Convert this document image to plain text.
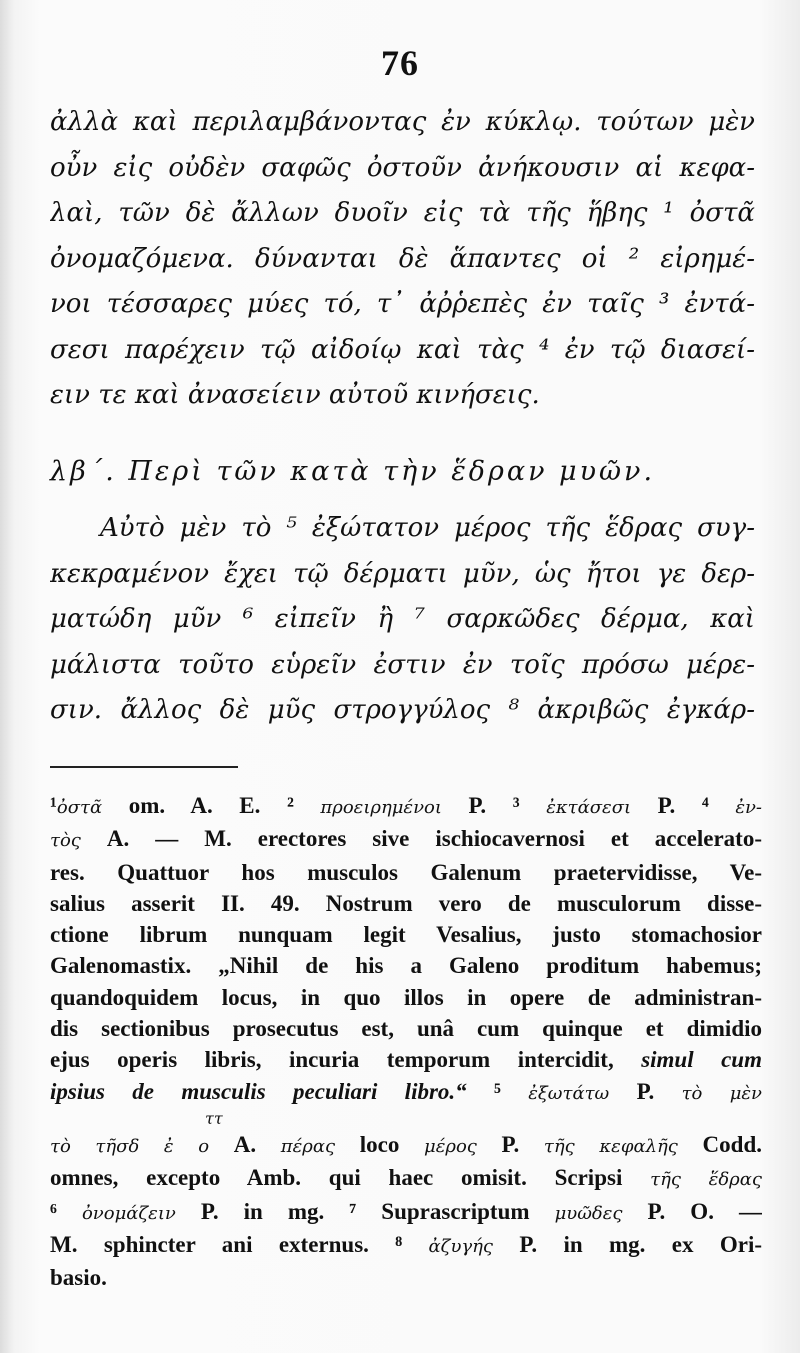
76
ἀλλὰ καὶ περιλαμβάνοντας ἐν κύκλῳ. τούτων μὲν
οὖν εἰς οὐδὲν σαφῶς ὀστοῦν ἀνήκουσιν αἱ κεφα-
λαὶ, τῶν δὲ ἄλλων δυοῖν εἰς τὰ τῆς ἥβης ¹ ὀστᾶ
ὀνομαζόμενα. δύνανται δὲ ἅπαντες οἱ ² εἰρημέ-
νοι τέσσαρες μύες τό, τ᾽ ἀῤῥεπὲς ἐν ταῖς ³ ἐντά-
σεσι παρέχειν τῷ αἰδοίῳ καὶ τὰς ⁴ ἐν τῷ διασεί-
ειν τε καὶ ἀνασείειν αὐτοῦ κινήσεις.
λβ΄. Περὶ τῶν κατὰ τὴν ἕδραν μυῶν.
Αὐτὸ μὲν τὸ ⁵ ἐξώτατον μέρος τῆς ἕδρας συγ-
κεκραμένον ἔχει τῷ δέρματι μῦν, ὡς ἤτοι γε δερ-
ματώδη μῦν ⁶ εἰπεῖν ἢ ⁷ σαρκῶδες δέρμα, καὶ
μάλιστα τοῦτο εὑρεῖν ἐστιν ἐν τοῖς πρόσω μέρε-
σιν. ἄλλος δὲ μῦς στρογγύλος ⁸ ἀκριβῶς ἐγκάρ-
¹ὀστᾶ om. A. E. ² προειρημένοι P. ³ ἐκτάσεσι P. ⁴ ἐν-
τὸς A. — M. erectores sive ischiocavernosi et accelerato-
res. Quattuor hos musculos Galenum praetervidisse, Ve-
salius asserit II. 49. Nostrum vero de musculorum disse-
ctione librum nunquam legit Vesalius, justo stomachosior
Galenomastix. „Nihil de his a Galeno proditum habemus;
quandoquidem locus, in quo illos in opere de administran-
dis sectionibus prosecutus est, unâ cum quinque et dimidio
ejus operis libris, incuria temporum intercidit, simul cum
ipsius de musculis peculiari libro.“ ⁵ ἐξωτάτω P. τὸ μὲν
ττ
τὸ τῆσδ ἐ ο A. πέρας loco μέρος P. τῆς κεφαλῆς Codd.
omnes, excepto Amb. qui haec omisit. Scripsi τῆς ἕδρας
⁶ ὀνομάζειν P. in mg. ⁷ Suprascriptum μυῶδες P. O. —
M. sphincter ani externus. ⁸ ἀζυγής P. in mg. ex Ori-
basio.
